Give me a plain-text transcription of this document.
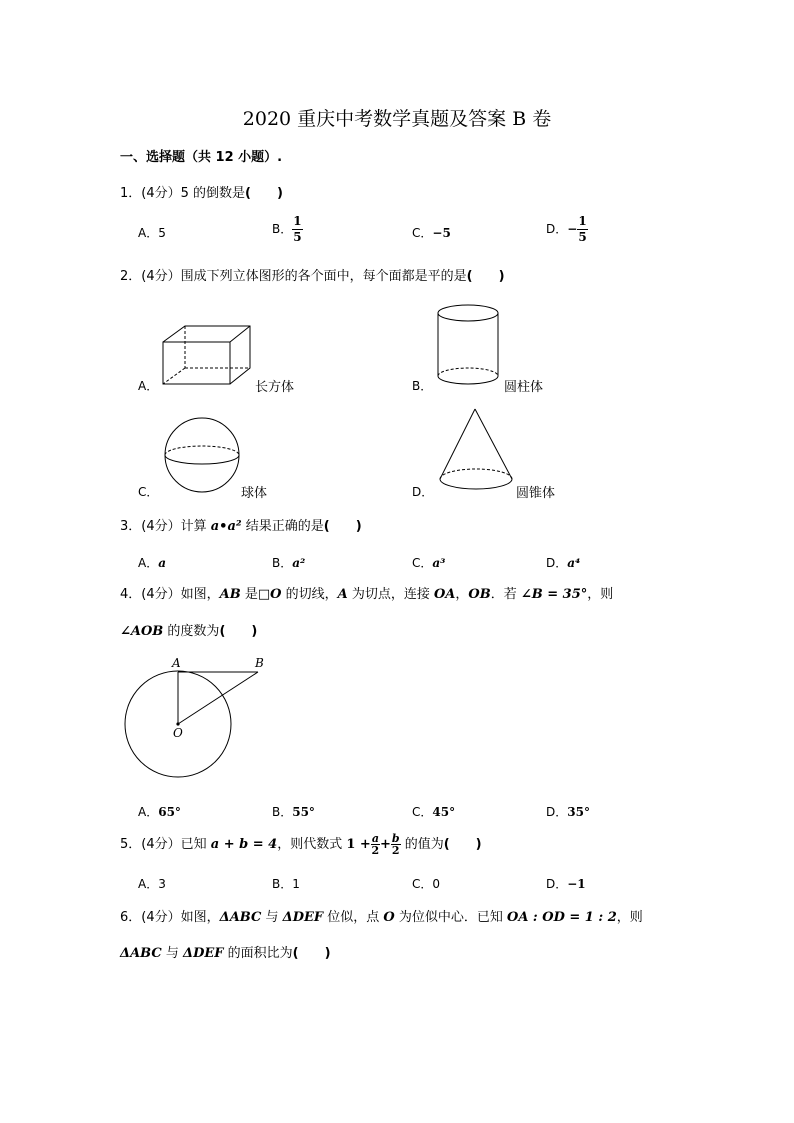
2020 重庆中考数学真题及答案 B 卷
一、选择题（共 12 小题）.
1．(4分）5 的倒数是(　　)
A．5	B． $\frac{1}{5}$	C．−5	D．− $\frac{1}{5}$
2．(4分）围成下列立体图形的各个面中，每个面都是平的是(　　)
A．	长方体	B．	圆柱体
C．	球体	D．	圆锥体
3．(4分）计算 a•a² 结果正确的是(　　)
A．a	B．a²	C．a³	D．a⁴
4．(4分）如图，AB 是□O 的切线，A 为切点，连接 OA，OB．若 ∠B = 35°，则
∠AOB 的度数为(　　)
A	B
O
A．65°	B．55°	C．45°	D．35°
5．(4分）已知 a + b = 4，则代数式 $1 + \frac{a}{2}+ \frac{b}{2}$ 的值为(　　)
A．3	B．1	C．0	D．−1
6．(4分）如图，ΔABC 与 ΔDEF 位似，点 O 为位似中心．已知 OA : OD = 1 : 2，则
ΔABC 与 ΔDEF 的面积比为(　　)
